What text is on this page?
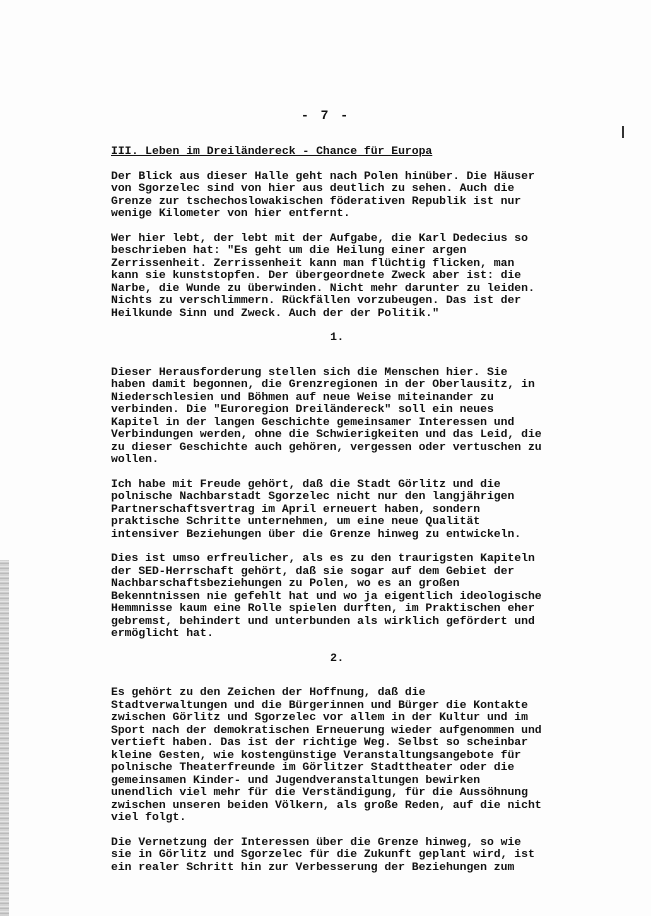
- 7 -
III. Leben im Dreiländereck - Chance für Europa
Der Blick aus dieser Halle geht nach Polen hinüber. Die Häuser
von Sgorzelec sind von hier aus deutlich zu sehen. Auch die
Grenze zur tschechoslowakischen föderativen Republik ist nur
wenige Kilometer von hier entfernt.
Wer hier lebt, der lebt mit der Aufgabe, die Karl Dedecius so
beschrieben hat: "Es geht um die Heilung einer argen
Zerrissenheit. Zerrissenheit kann man flüchtig flicken, man
kann sie kunststopfen. Der übergeordnete Zweck aber ist: die
Narbe, die Wunde zu überwinden. Nicht mehr darunter zu leiden.
Nichts zu verschlimmern. Rückfällen vorzubeugen. Das ist der
Heilkunde Sinn und Zweck. Auch der der Politik."
1.
Dieser Herausforderung stellen sich die Menschen hier. Sie
haben damit begonnen, die Grenzregionen in der Oberlausitz, in
Niederschlesien und Böhmen auf neue Weise miteinander zu
verbinden. Die "Euroregion Dreiländereck" soll ein neues
Kapitel in der langen Geschichte gemeinsamer Interessen und
Verbindungen werden, ohne die Schwierigkeiten und das Leid, die
zu dieser Geschichte auch gehören, vergessen oder vertuschen zu
wollen.
Ich habe mit Freude gehört, daß die Stadt Görlitz und die
polnische Nachbarstadt Sgorzelec nicht nur den langjährigen
Partnerschaftsvertrag im April erneuert haben, sondern
praktische Schritte unternehmen, um eine neue Qualität
intensiver Beziehungen über die Grenze hinweg zu entwickeln.
Dies ist umso erfreulicher, als es zu den traurigsten Kapiteln
der SED-Herrschaft gehört, daß sie sogar auf dem Gebiet der
Nachbarschaftsbeziehungen zu Polen, wo es an großen
Bekenntnissen nie gefehlt hat und wo ja eigentlich ideologische
Hemmnisse kaum eine Rolle spielen durften, im Praktischen eher
gebremst, behindert und unterbunden als wirklich gefördert und
ermöglicht hat.
2.
Es gehört zu den Zeichen der Hoffnung, daß die
Stadtverwaltungen und die Bürgerinnen und Bürger die Kontakte
zwischen Görlitz und Sgorzelec vor allem in der Kultur und im
Sport nach der demokratischen Erneuerung wieder aufgenommen und
vertieft haben. Das ist der richtige Weg. Selbst so scheinbar
kleine Gesten, wie kostengünstige Veranstaltungsangebote für
polnische Theaterfreunde im Görlitzer Stadttheater oder die
gemeinsamen Kinder- und Jugendveranstaltungen bewirken
unendlich viel mehr für die Verständigung, für die Aussöhnung
zwischen unseren beiden Völkern, als große Reden, auf die nicht
viel folgt.
Die Vernetzung der Interessen über die Grenze hinweg, so wie
sie in Görlitz und Sgorzelec für die Zukunft geplant wird, ist
ein realer Schritt hin zur Verbesserung der Beziehungen zum
